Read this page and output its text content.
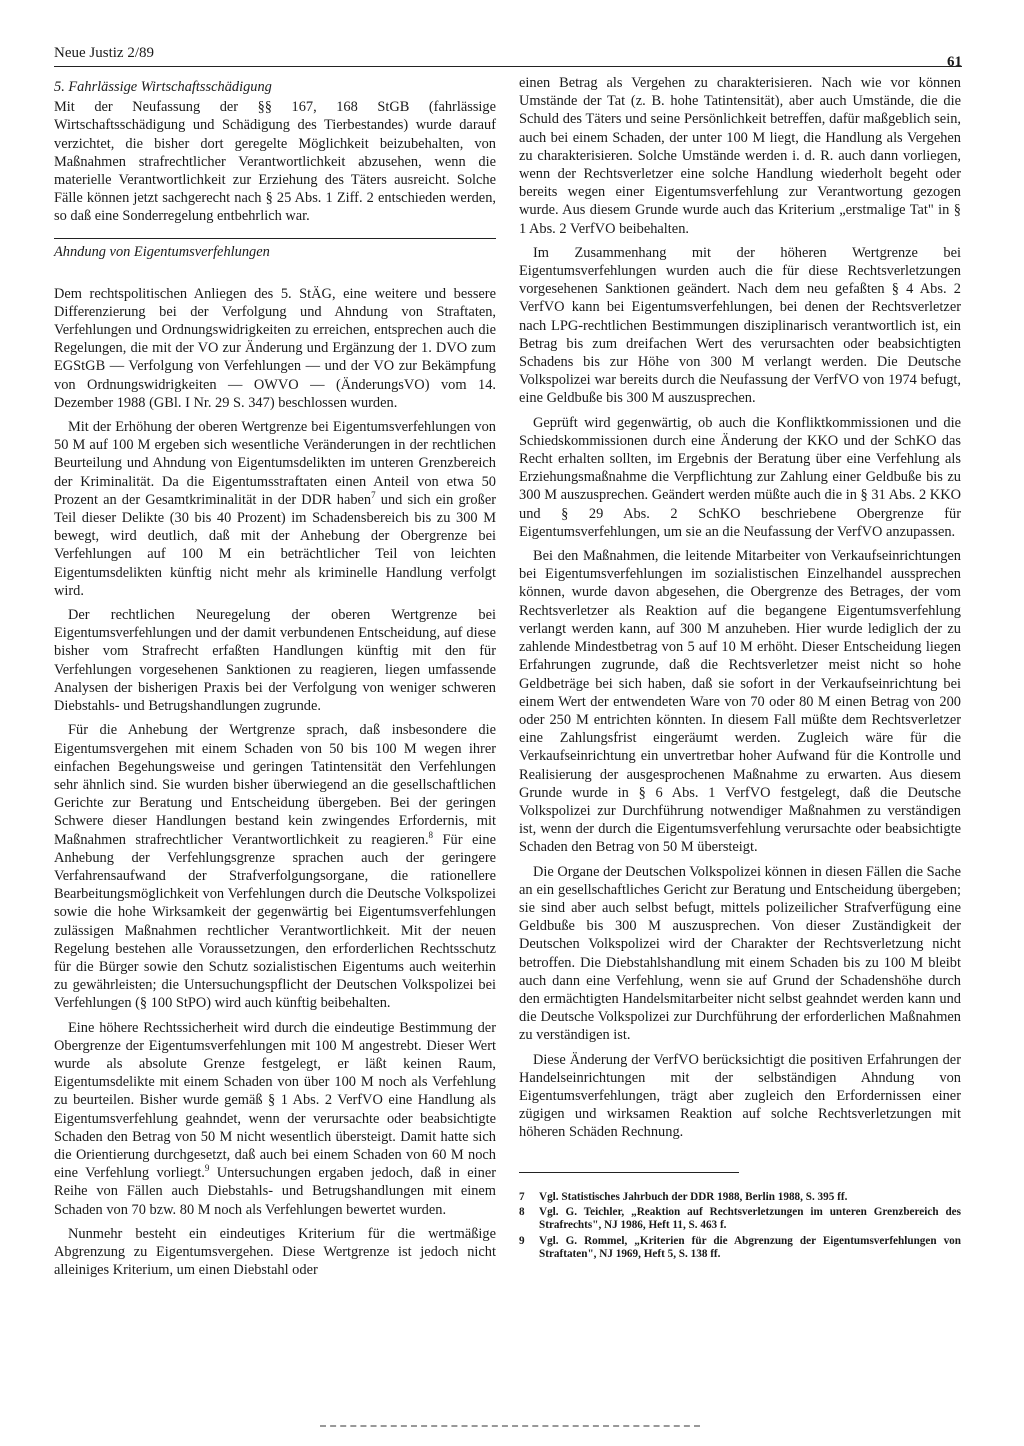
Neue Justiz 2/89
61
5. Fahrlässige Wirtschaftsschädigung

Mit der Neufassung der §§ 167, 168 StGB (fahrlässige Wirtschaftsschädigung und Schädigung des Tierbestandes) wurde darauf verzichtet, die bisher dort geregelte Möglichkeit beizubehalten, von Maßnahmen strafrechtlicher Verantwortlichkeit abzusehen, wenn die materielle Verantwortlichkeit zur Erziehung des Täters ausreicht. Solche Fälle können jetzt sachgerecht nach § 25 Abs. 1 Ziff. 2 entschieden werden, so daß eine Sonderregelung entbehrlich war.

Ahndung von Eigentumsverfehlungen

Dem rechtspolitischen Anliegen des 5. StÄG, eine weitere und bessere Differenzierung bei der Verfolgung und Ahndung von Straftaten, Verfehlungen und Ordnungswidrigkeiten zu erreichen, entsprechen auch die Regelungen, die mit der VO zur Änderung und Ergänzung der 1. DVO zum EGStGB — Verfolgung von Verfehlungen — und der VO zur Bekämpfung von Ordnungswidrigkeiten — OWVO — (ÄnderungsVO) vom 14. Dezember 1988 (GBl. I Nr. 29 S. 347) beschlossen wurden.

Mit der Erhöhung der oberen Wertgrenze bei Eigentumsverfehlungen von 50 M auf 100 M ergeben sich wesentliche Veränderungen in der rechtlichen Beurteilung und Ahndung von Eigentumsdelikten im unteren Grenzbereich der Kriminalität. Da die Eigentumsstraftaten einen Anteil von etwa 50 Prozent an der Gesamtkriminalität in der DDR haben$^7$ und sich ein großer Teil dieser Delikte (30 bis 40 Prozent) im Schadensbereich bis zu 300 M bewegt, wird deutlich, daß mit der Anhebung der Obergrenze bei Verfehlungen auf 100 M ein beträchtlicher Teil von leichten Eigentumsdelikten künftig nicht mehr als kriminelle Handlung verfolgt wird.

Der rechtlichen Neuregelung der oberen Wertgrenze bei Eigentumsverfehlungen und der damit verbundenen Entscheidung, auf diese bisher vom Strafrecht erfaßten Handlungen künftig mit den für Verfehlungen vorgesehenen Sanktionen zu reagieren, liegen umfassende Analysen der bisherigen Praxis bei der Verfolgung von weniger schweren Diebstahls- und Betrugshandlungen zugrunde.

Für die Anhebung der Wertgrenze sprach, daß insbesondere die Eigentumsvergehen mit einem Schaden von 50 bis 100 M wegen ihrer einfachen Begehungsweise und geringen Tatintensität den Verfehlungen sehr ähnlich sind. Sie wurden bisher überwiegend an die gesellschaftlichen Gerichte zur Beratung und Entscheidung übergeben. Bei der geringen Schwere dieser Handlungen bestand kein zwingendes Erfordernis, mit Maßnahmen strafrechtlicher Verantwortlichkeit zu reagieren.$^8$ Für eine Anhebung der Verfehlungsgrenze sprachen auch der geringere Verfahrensaufwand der Strafverfolgungsorgane, die rationellere Bearbeitungsmöglichkeit von Verfehlungen durch die Deutsche Volkspolizei sowie die hohe Wirksamkeit der gegenwärtig bei Eigentumsverfehlungen zulässigen Maßnahmen rechtlicher Verantwortlichkeit. Mit der neuen Regelung bestehen alle Voraussetzungen, den erforderlichen Rechtsschutz für die Bürger sowie den Schutz sozialistischen Eigentums auch weiterhin zu gewährleisten; die Untersuchungspflicht der Deutschen Volkspolizei bei Verfehlungen (§ 100 StPO) wird auch künftig beibehalten.

Eine höhere Rechtssicherheit wird durch die eindeutige Bestimmung der Obergrenze der Eigentumsverfehlungen mit 100 M angestrebt. Dieser Wert wurde als absolute Grenze festgelegt, er läßt keinen Raum, Eigentumsdelikte mit einem Schaden von über 100 M noch als Verfehlung zu beurteilen. Bisher wurde gemäß § 1 Abs. 2 VerfVO eine Handlung als Eigentumsverfehlung geahndet, wenn der verursachte oder beabsichtigte Schaden den Betrag von 50 M nicht wesentlich übersteigt. Damit hatte sich die Orientierung durchgesetzt, daß auch bei einem Schaden von 60 M noch eine Verfehlung vorliegt.$^9$ Untersuchungen ergaben jedoch, daß in einer Reihe von Fällen auch Diebstahls- und Betrugshandlungen mit einem Schaden von 70 bzw. 80 M noch als Verfehlungen bewertet wurden.

Nunmehr besteht ein eindeutiges Kriterium für die wertmäßige Abgrenzung zu Eigentumsvergehen. Diese Wertgrenze ist jedoch nicht alleiniges Kriterium, um einen Diebstahl oder

einen Betrag als Vergehen zu charakterisieren. Nach wie vor können Umstände der Tat (z. B. hohe Tatintensität), aber auch Umstände, die die Schuld des Täters und seine Persönlichkeit betreffen, dafür maßgeblich sein, auch bei einem Schaden, der unter 100 M liegt, die Handlung als Vergehen zu charakterisieren. Solche Umstände werden i. d. R. auch dann vorliegen, wenn der Rechtsverletzer eine solche Handlung wiederholt begeht oder bereits wegen einer Eigentumsverfehlung zur Verantwortung gezogen wurde. Aus diesem Grunde wurde auch das Kriterium „erstmalige Tat" in § 1 Abs. 2 VerfVO beibehalten.

Im Zusammenhang mit der höheren Wertgrenze bei Eigentumsverfehlungen wurden auch die für diese Rechtsverletzungen vorgesehenen Sanktionen geändert. Nach dem neu gefaßten § 4 Abs. 2 VerfVO kann bei Eigentumsverfehlungen, bei denen der Rechtsverletzer nach LPG-rechtlichen Bestimmungen disziplinarisch verantwortlich ist, ein Betrag bis zum dreifachen Wert des verursachten oder beabsichtigten Schadens bis zur Höhe von 300 M verlangt werden. Die Deutsche Volkspolizei war bereits durch die Neufassung der VerfVO von 1974 befugt, eine Geldbuße bis 300 M auszusprechen.

Geprüft wird gegenwärtig, ob auch die Konfliktkommissionen und die Schiedskommissionen durch eine Änderung der KKO und der SchKO das Recht erhalten sollten, im Ergebnis der Beratung über eine Verfehlung als Erziehungsmaßnahme die Verpflichtung zur Zahlung einer Geldbuße bis zu 300 M auszusprechen. Geändert werden müßte auch die in § 31 Abs. 2 KKO und § 29 Abs. 2 SchKO beschriebene Obergrenze für Eigentumsverfehlungen, um sie an die Neufassung der VerfVO anzupassen.

Bei den Maßnahmen, die leitende Mitarbeiter von Verkaufseinrichtungen bei Eigentumsverfehlungen im sozialistischen Einzelhandel aussprechen können, wurde davon abgesehen, die Obergrenze des Betrages, der vom Rechtsverletzer als Reaktion auf die begangene Eigentumsverfehlung verlangt werden kann, auf 300 M anzuheben. Hier wurde lediglich der zu zahlende Mindestbetrag von 5 auf 10 M erhöht. Dieser Entscheidung liegen Erfahrungen zugrunde, daß die Rechtsverletzer meist nicht so hohe Geldbeträge bei sich haben, daß sie sofort in der Verkaufseinrichtung bei einem Wert der entwendeten Ware von 70 oder 80 M einen Betrag von 200 oder 250 M entrichten könnten. In diesem Fall müßte dem Rechtsverletzer eine Zahlungsfrist eingeräumt werden. Zugleich wäre für die Verkaufseinrichtung ein unvertretbar hoher Aufwand für die Kontrolle und Realisierung der ausgesprochenen Maßnahme zu erwarten. Aus diesem Grunde wurde in § 6 Abs. 1 VerfVO festgelegt, daß die Deutsche Volkspolizei zur Durchführung notwendiger Maßnahmen zu verständigen ist, wenn der durch die Eigentumsverfehlung verursachte oder beabsichtigte Schaden den Betrag von 50 M übersteigt.

Die Organe der Deutschen Volkspolizei können in diesen Fällen die Sache an ein gesellschaftliches Gericht zur Beratung und Entscheidung übergeben; sie sind aber auch selbst befugt, mittels polizeilicher Strafverfügung eine Geldbuße bis 300 M auszusprechen. Von dieser Zuständigkeit der Deutschen Volkspolizei wird der Charakter der Rechtsverletzung nicht betroffen. Die Diebstahlshandlung mit einem Schaden bis zu 100 M bleibt auch dann eine Verfehlung, wenn sie auf Grund der Schadenshöhe durch den ermächtigten Handelsmitarbeiter nicht selbst geahndet werden kann und die Deutsche Volkspolizei zur Durchführung der erforderlichen Maßnahmen zu verständigen ist.

Diese Änderung der VerfVO berücksichtigt die positiven Erfahrungen der Handelseinrichtungen mit der selbständigen Ahndung von Eigentumsverfehlungen, trägt aber zugleich den Erfordernissen einer zügigen und wirksamen Reaktion auf solche Rechtsverletzungen mit höheren Schäden Rechnung.

7	Vgl. Statistisches Jahrbuch der DDR 1988, Berlin 1988, S. 395 ff.
8	Vgl. G. Teichler, „Reaktion auf Rechtsverletzungen im unteren Grenzbereich des Strafrechts", NJ 1986, Heft 11, S. 463 f.
9	Vgl. G. Rommel, „Kriterien für die Abgrenzung der Eigentumsverfehlungen von Straftaten", NJ 1969, Heft 5, S. 138 ff.
